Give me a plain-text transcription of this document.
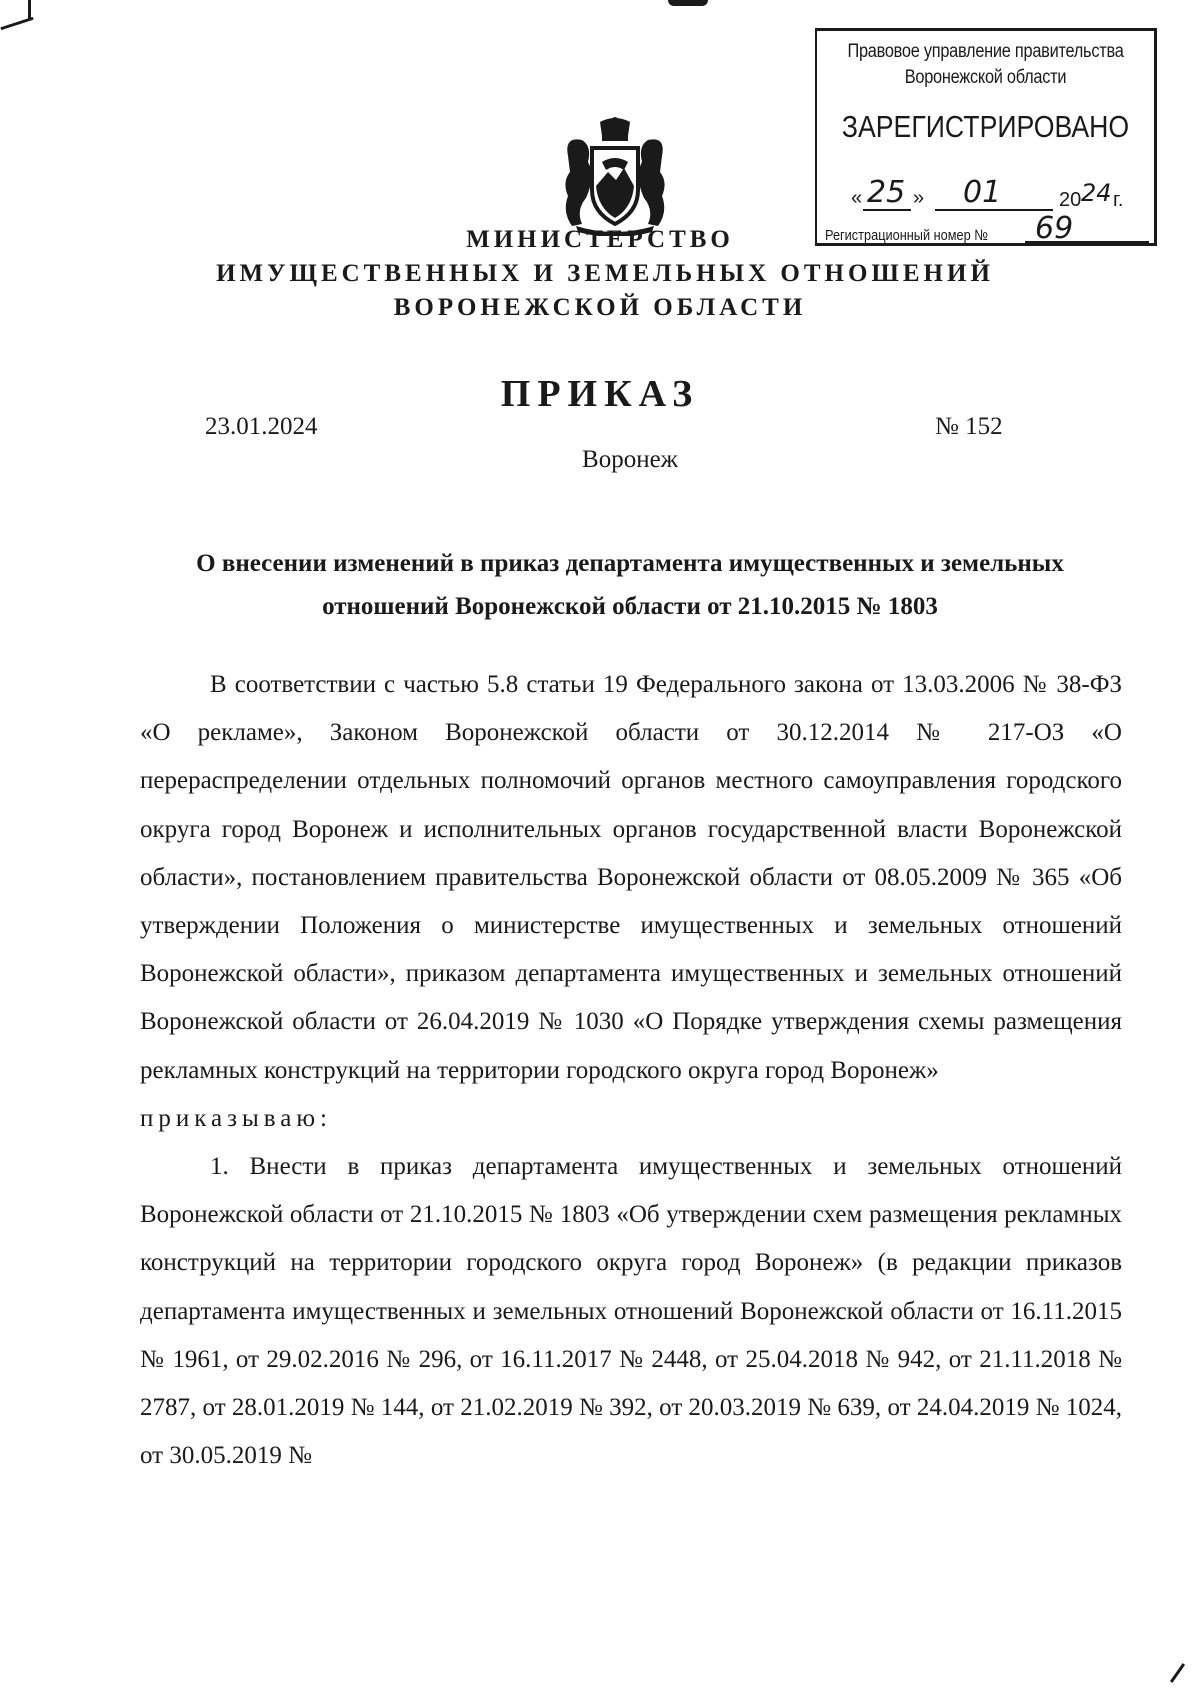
Правовое управление правительства
Воронежской области
ЗАРЕГИСТРИРОВАНО
« 25 » 01	20 24 г.
Регистрационный номер № 69
МИНИСТЕРСТВО
ИМУЩЕСТВЕННЫХ И ЗЕМЕЛЬНЫХ ОТНОШЕНИЙ
ВОРОНЕЖСКОЙ ОБЛАСТИ
ПРИКАЗ
23.01.2024	№ 152
Воронеж
О внесении изменений в приказ департамента имущественных и земельных
отношений Воронежской области от 21.10.2015 № 1803

В соответствии с частью 5.8 статьи 19 Федерального закона от 13.03.2006 № 38-ФЗ «О рекламе», Законом Воронежской области от 30.12.2014 № 217-ОЗ «О перераспределении отдельных полномочий органов местного самоуправления городского округа город Воронеж и исполнительных органов государственной власти Воронежской области», постановлением правительства Воронежской области от 08.05.2009 № 365 «Об утверждении Положения о министерстве имущественных и земельных отношений Воронежской области», приказом департамента имущественных и земельных отношений Воронежской области от 26.04.2019 № 1030 «О Порядке утверждения схемы размещения рекламных конструкций на территории городского округа город Воронеж»

приказываю:

1. Внести в приказ департамента имущественных и земельных отношений Воронежской области от 21.10.2015 № 1803 «Об утверждении схем размещения рекламных конструкций на территории городского округа город Воронеж» (в редакции приказов департамента имущественных и земельных отношений Воронежской области от 16.11.2015 № 1961, от 29.02.2016 № 296, от 16.11.2017 № 2448, от 25.04.2018 № 942, от 21.11.2018 № 2787, от 28.01.2019 № 144, от 21.02.2019 № 392, от 20.03.2019 № 639, от 24.04.2019 № 1024, от 30.05.2019 №
